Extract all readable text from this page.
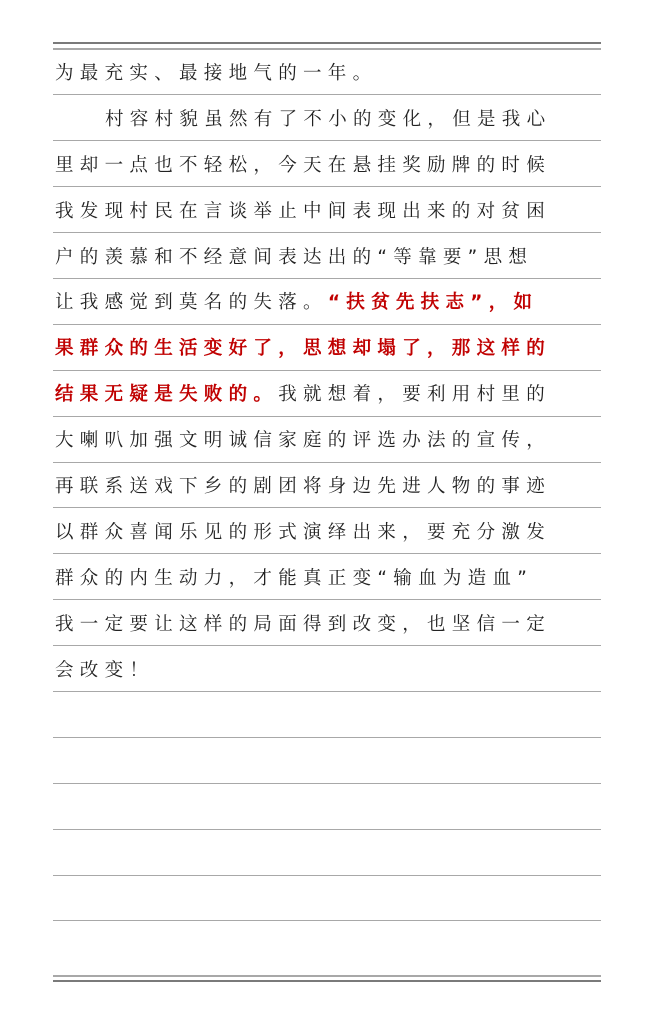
为最充实、最接地气的一年。
村容村貌虽然有了不小的变化，但是我心
里却一点也不轻松，今天在悬挂奖励牌的时候
我发现村民在言谈举止中间表现出来的对贫困
户的羡慕和不经意间表达出的“等靠要”思想
让我感觉到莫名的失落。 “扶贫先扶志”，如
果群众的生活变好了，思想却塌了，那这样的
结果无疑是失败的。 我就想着，要利用村里的
大喇叭加强文明诚信家庭的评选办法的宣传，
再联系送戏下乡的剧团将身边先进人物的事迹
以群众喜闻乐见的形式演绎出来，要充分激发
群众的内生动力，才能真正变“输血为造血”
我一定要让这样的局面得到改变，也坚信一定
会改变！
